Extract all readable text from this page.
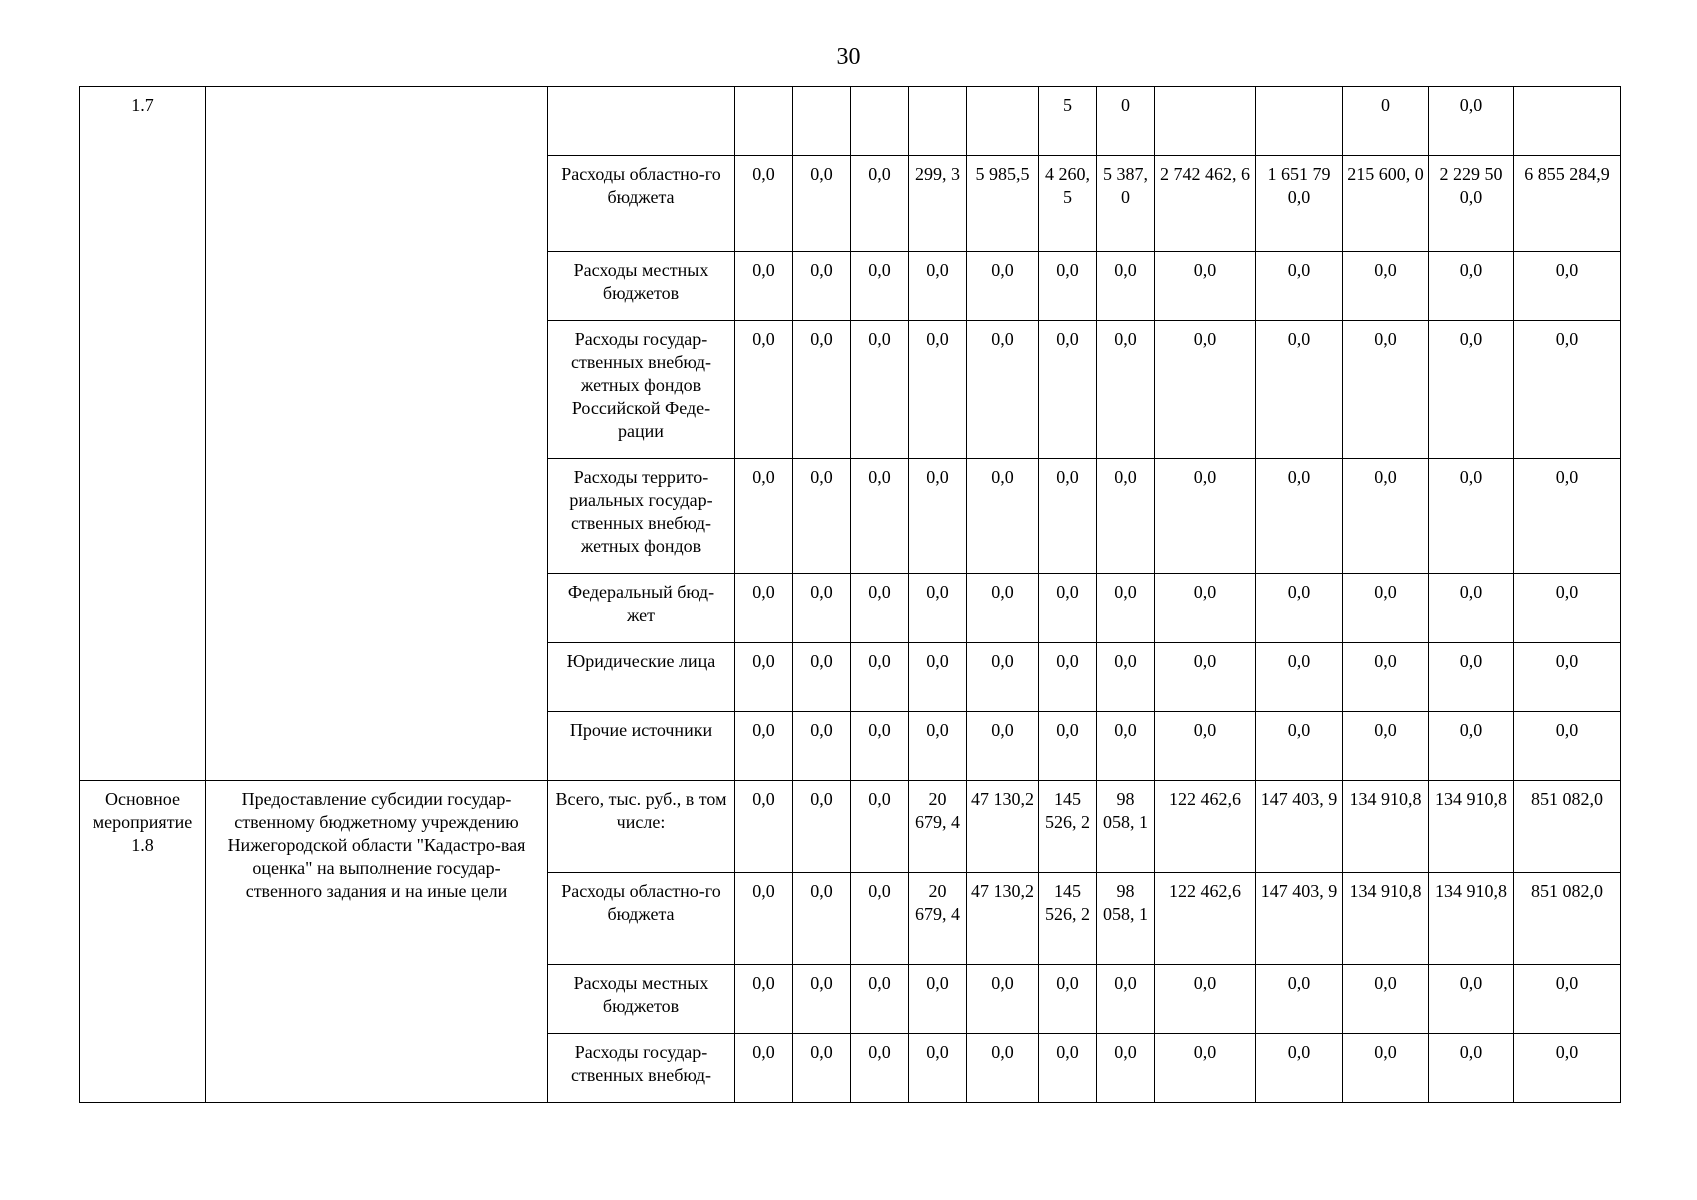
30
1.7								5	0			0	0,0	
		Расходы областно-го бюджета	0,0	0,0	0,0	299, 3	5 985,5	4 260, 5	5 387, 0	2 742 462, 6	1 651 79 0,0	215 600, 0	2 229 50 0,0	6 855 284,9
		Расходы местных бюджетов	0,0	0,0	0,0	0,0	0,0	0,0	0,0	0,0	0,0	0,0	0,0	0,0
		Расходы государ-ственных внебюд-жетных фондов Российской Феде-рации	0,0	0,0	0,0	0,0	0,0	0,0	0,0	0,0	0,0	0,0	0,0	0,0
		Расходы террито-риальных государ-ственных внебюд-жетных фондов	0,0	0,0	0,0	0,0	0,0	0,0	0,0	0,0	0,0	0,0	0,0	0,0
		Федеральный бюд-жет	0,0	0,0	0,0	0,0	0,0	0,0	0,0	0,0	0,0	0,0	0,0	0,0
		Юридические лица	0,0	0,0	0,0	0,0	0,0	0,0	0,0	0,0	0,0	0,0	0,0	0,0
		Прочие источники	0,0	0,0	0,0	0,0	0,0	0,0	0,0	0,0	0,0	0,0	0,0	0,0
Основное мероприятие 1.8	Предоставление субсидии государ-ственному бюджетному учреждению Нижегородской области "Кадастро-вая оценка" на выполнение государ-ственного задания и на иные цели	Всего, тыс. руб., в том числе:	0,0	0,0	0,0	20 679, 4	47 130,2	145 526, 2	98 058, 1	122 462,6	147 403, 9	134 910,8	134 910,8	851 082,0
		Расходы областно-го бюджета	0,0	0,0	0,0	20 679, 4	47 130,2	145 526, 2	98 058, 1	122 462,6	147 403, 9	134 910,8	134 910,8	851 082,0
		Расходы местных бюджетов	0,0	0,0	0,0	0,0	0,0	0,0	0,0	0,0	0,0	0,0	0,0	0,0
		Расходы государ-ственных внебюд-	0,0	0,0	0,0	0,0	0,0	0,0	0,0	0,0	0,0	0,0	0,0	0,0
